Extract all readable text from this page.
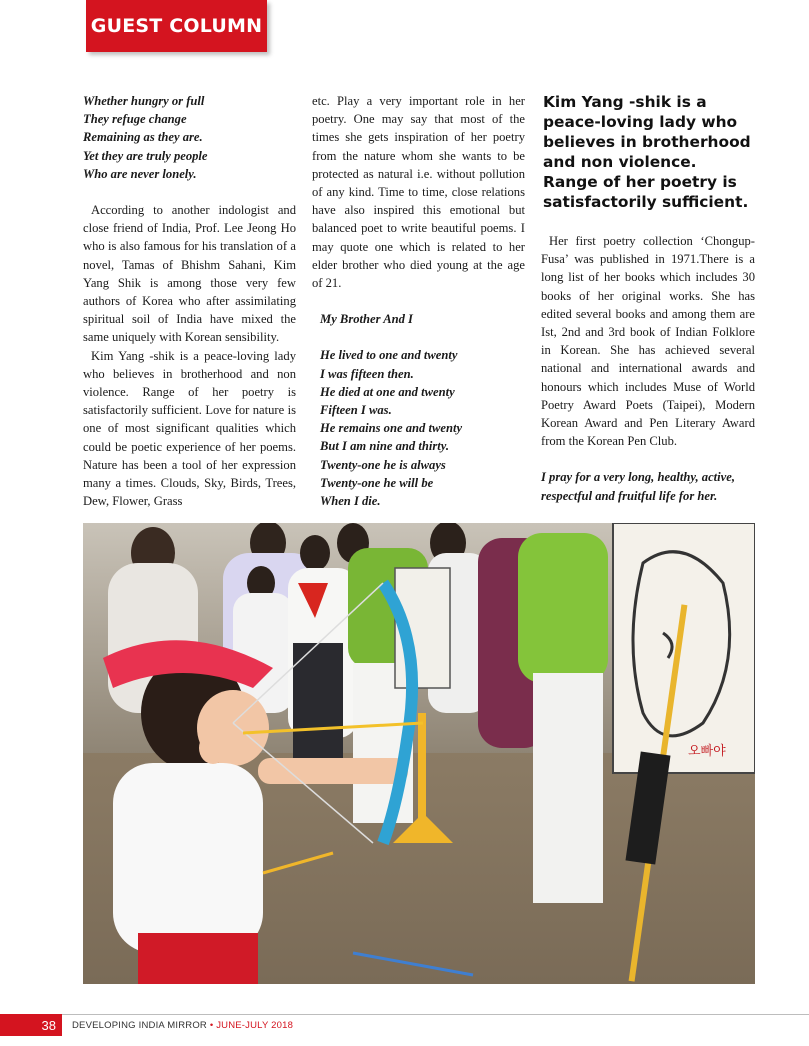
GUEST COLUMN
Whether hungry or full
They refuge change
Remaining as they are.
Yet they are truly people
Who are never lonely.

According to another indologist and close friend of India, Prof. Lee Jeong Ho who is also famous for his translation of a novel, Tamas of Bhishm Sahani, Kim Yang Shik is among those very few authors of Korea who after assimilating spiritual soil of India have mixed the same uniquely with Korean sensibility.

Kim Yang -shik is a peace-loving lady who believes in brotherhood and non violence. Range of her poetry is satisfactorily sufficient. Love for nature is one of most significant qualities which could be poetic experience of her poems. Nature has been a tool of her expression many a times. Clouds, Sky, Birds, Trees, Dew, Flower, Grass

etc. Play a very important role in her poetry. One may say that most of the times she gets inspiration of her poetry from the nature whom she wants to be protected as natural i.e. without pollution of any kind. Time to time, close relations have also inspired this emotional but balanced poet to write beautiful poems. I may quote one which is related to her elder brother who died young at the age of 21.

My Brother And I
He lived to one and twenty
I was fifteen then.
He died at one and twenty
Fifteen I was.
He remains one and twenty
But I am nine and thirty.
Twenty-one he is always
Twenty-one he will be
When I die.

Kim Yang -shik is a peace-loving lady who believes in brotherhood and non violence. Range of her poetry is satisfactorily sufficient.

Her first poetry collection ‘Chongup-Fusa’ was published in 1971.There is a long list of her books which includes 30 books of her original works. She has edited several books and among them are Ist, 2nd and 3rd book of Indian Folklore in Korean. She has achieved several national and international awards and honours which includes Muse of World Poetry Award Poets (Taipei), Modern Korean Award and Pen Literary Award from the Korean Pen Club.

I pray for a very long, healthy, active, respectful and fruitful life for her.

오빠야
38	DEVELOPING INDIA MIRROR • JUNE-JULY 2018
